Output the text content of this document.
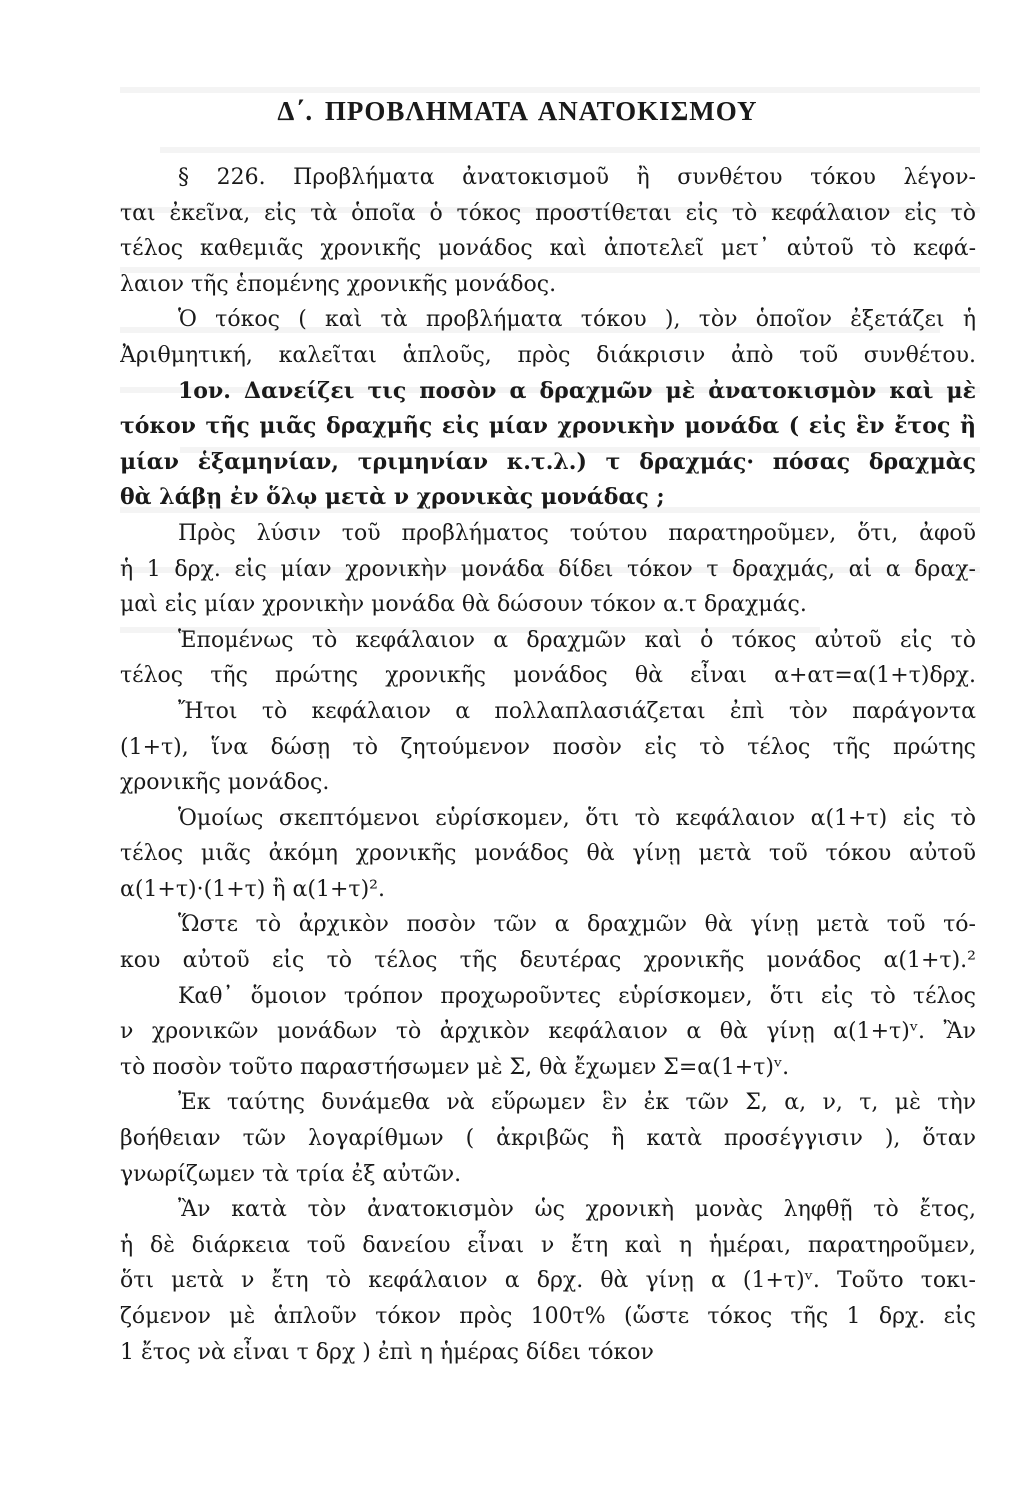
Δ΄. ΠΡΟΒΛΗΜΑΤΑ ΑΝΑΤΟΚΙΣΜΟΥ
§ 226. Προβλήματα ἀνατοκισμοῦ ἢ συνθέτου τόκου λέγον-
ται ἐκεῖνα, εἰς τὰ ὁποῖα ὁ τόκος προστίθεται εἰς τὸ κεφάλαιον εἰς τὸ
τέλος καθεμιᾶς χρονικῆς μονάδος καὶ ἀποτελεῖ μετ᾽ αὐτοῦ τὸ κεφά-
λαιον τῆς ἑπομένης χρονικῆς μονάδος.
Ὁ τόκος ( καὶ τὰ προβλήματα τόκου ), τὸν ὁποῖον ἐξετάζει ἡ
Ἀριθμητική, καλεῖται ἁπλοῦς, πρὸς διάκρισιν ἀπὸ τοῦ συνθέτου.
1ον. Δανείζει τις ποσὸν α δραχμῶν μὲ ἀνατοκισμὸν καὶ μὲ
τόκον τῆς μιᾶς δραχμῆς εἰς μίαν χρονικὴν μονάδα ( εἰς ἓν ἔτος ἢ
μίαν ἑξαμηνίαν, τριμηνίαν κ.τ.λ.) τ δραχμάς· πόσας δραχμὰς
θὰ λάβῃ ἐν ὅλῳ μετὰ ν χρονικὰς μονάδας ;
Πρὸς λύσιν τοῦ προβλήματος τούτου παρατηροῦμεν, ὅτι, ἀφοῦ
ἡ 1 δρχ. εἰς μίαν χρονικὴν μονάδα δίδει τόκον τ δραχμάς, αἱ α δραχ-
μαὶ εἰς μίαν χρονικὴν μονάδα θὰ δώσουν τόκον α.τ δραχμάς.
Ἑπομένως τὸ κεφάλαιον α δραχμῶν καὶ ὁ τόκος αὐτοῦ εἰς τὸ
τέλος τῆς πρώτης χρονικῆς μονάδος θὰ εἶναι α+ατ=α(1+τ)δρχ.
Ἤτοι τὸ κεφάλαιον α πολλαπλασιάζεται ἐπὶ τὸν παράγοντα
(1+τ), ἵνα δώσῃ τὸ ζητούμενον ποσὸν εἰς τὸ τέλος τῆς πρώτης
χρονικῆς μονάδος.
Ὁμοίως σκεπτόμενοι εὑρίσκομεν, ὅτι τὸ κεφάλαιον α(1+τ) εἰς τὸ
τέλος μιᾶς ἀκόμη χρονικῆς μονάδος θὰ γίνῃ μετὰ τοῦ τόκου αὐτοῦ
α(1+τ)·(1+τ) ἢ α(1+τ)².
Ὥστε τὸ ἀρχικὸν ποσὸν τῶν α δραχμῶν θὰ γίνῃ μετὰ τοῦ τό-
κου αὐτοῦ εἰς τὸ τέλος τῆς δευτέρας χρονικῆς μονάδος α(1+τ).²
Καθ᾽ ὅμοιον τρόπον προχωροῦντες εὑρίσκομεν, ὅτι εἰς τὸ τέλος
ν χρονικῶν μονάδων τὸ ἀρχικὸν κεφάλαιον α θὰ γίνῃ α(1+τ)ᵛ. Ἂν
τὸ ποσὸν τοῦτο παραστήσωμεν μὲ Σ, θὰ ἔχωμεν Σ=α(1+τ)ᵛ.
Ἐκ ταύτης δυνάμεθα νὰ εὕρωμεν ἓν ἐκ τῶν Σ, α, ν, τ, μὲ τὴν
βοήθειαν τῶν λογαρίθμων ( ἀκριβῶς ἢ κατὰ προσέγγισιν ), ὅταν
γνωρίζωμεν τὰ τρία ἐξ αὐτῶν.
Ἂν κατὰ τὸν ἀνατοκισμὸν ὡς χρονικὴ μονὰς ληφθῇ τὸ ἔτος,
ἡ δὲ διάρκεια τοῦ δανείου εἶναι ν ἔτη καὶ η ἡμέραι, παρατηροῦμεν,
ὅτι μετὰ ν ἔτη τὸ κεφάλαιον α δρχ. θὰ γίνῃ α (1+τ)ᵛ. Τοῦτο τοκι-
ζόμενον μὲ ἁπλοῦν τόκον πρὸς 100τ% (ὥστε τόκος τῆς 1 δρχ. εἰς
1 ἔτος νὰ εἶναι τ δρχ ) ἐπὶ η ἡμέρας δίδει τόκον
